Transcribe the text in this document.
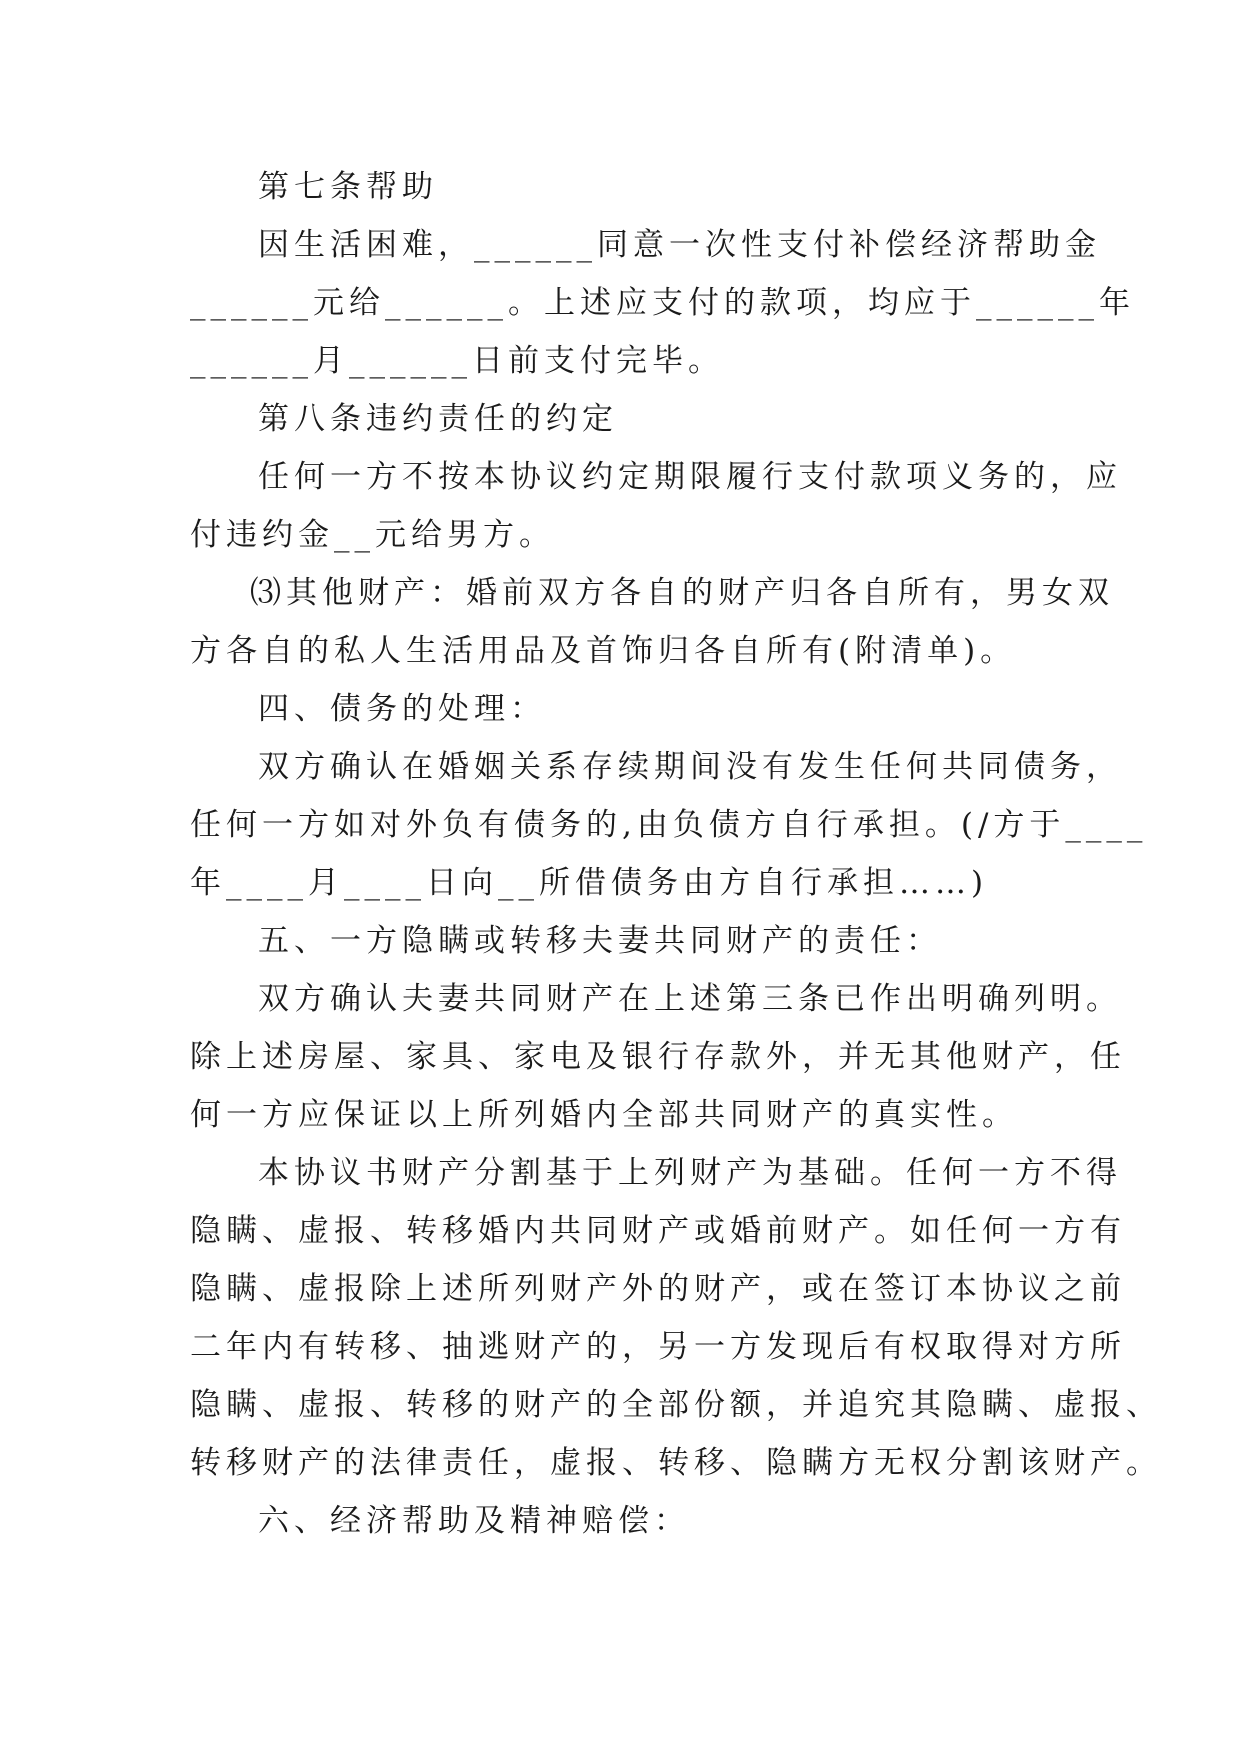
第七条帮助
因生活困难，______同意一次性支付补偿经济帮助金
______元给______。上述应支付的款项，均应于______年
______月______日前支付完毕。
第八条违约责任的约定
任何一方不按本协议约定期限履行支付款项义务的，应
付违约金__元给男方。
⑶其他财产：婚前双方各自的财产归各自所有，男女双
方各自的私人生活用品及首饰归各自所有(附清单)。
四、债务的处理：
双方确认在婚姻关系存续期间没有发生任何共同债务，
任何一方如对外负有债务的,由负债方自行承担。(/方于____
年____月____日向__所借债务由方自行承担……)
五、一方隐瞒或转移夫妻共同财产的责任：
双方确认夫妻共同财产在上述第三条已作出明确列明。
除上述房屋、家具、家电及银行存款外，并无其他财产，任
何一方应保证以上所列婚内全部共同财产的真实性。
本协议书财产分割基于上列财产为基础。任何一方不得
隐瞒、虚报、转移婚内共同财产或婚前财产。如任何一方有
隐瞒、虚报除上述所列财产外的财产，或在签订本协议之前
二年内有转移、抽逃财产的，另一方发现后有权取得对方所
隐瞒、虚报、转移的财产的全部份额，并追究其隐瞒、虚报、
转移财产的法律责任，虚报、转移、隐瞒方无权分割该财产。
六、经济帮助及精神赔偿：
